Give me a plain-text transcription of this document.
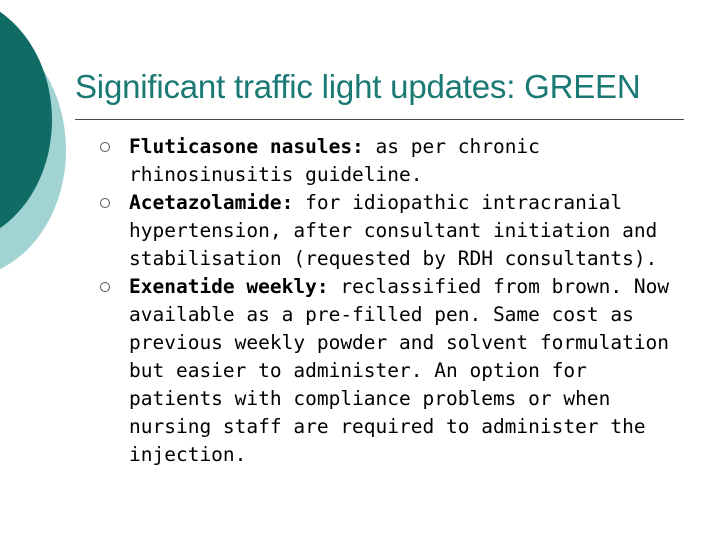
Significant traffic light updates: GREEN
Fluticasone nasules: as per chronic rhinosinusitis guideline.
Acetazolamide: for idiopathic intracranial hypertension, after consultant initiation and stabilisation (requested by RDH consultants).
Exenatide weekly: reclassified from brown. Now available as a pre-filled pen. Same cost as previous weekly powder and solvent formulation but easier to administer. An option for patients with compliance problems or when nursing staff are required to administer the injection.
